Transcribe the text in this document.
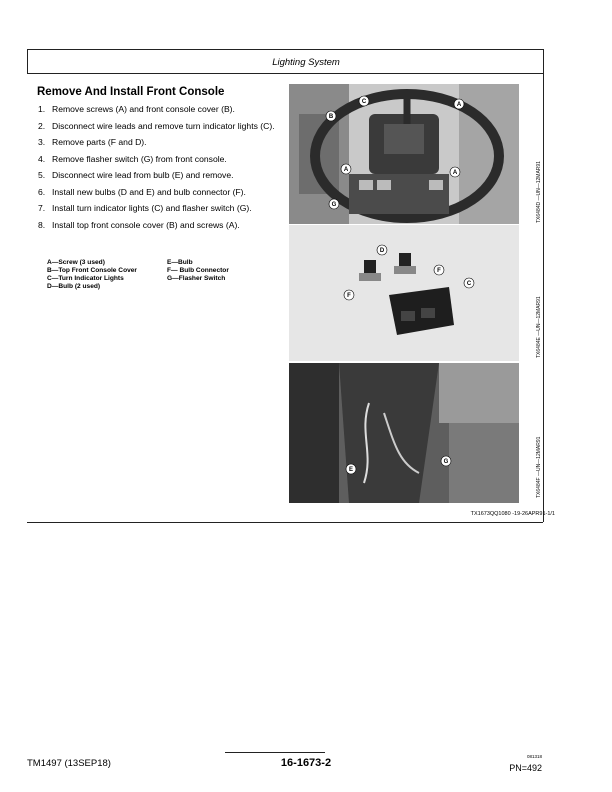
Lighting System
Remove And Install Front Console
1. Remove screws (A) and front console cover (B).
2. Disconnect wire leads and remove turn indicator lights (C).
3. Remove parts (F and D).
4. Remove flasher switch (G) from front console.
5. Disconnect wire lead from bulb (E) and remove.
6. Install new bulbs (D and E) and bulb connector (F).
7. Install turn indicator lights (C) and flasher switch (G).
8. Install top front console cover (B) and screws (A).
A—Screw (3 used)
B—Top Front Console Cover
C—Turn Indicator Lights
D—Bulb (2 used)
E—Bulb
F— Bulb Connector
G—Flasher Switch
A
B
C
A	A
G
D
F
F
C
E
G
TX6484D —UN—12MAR91
TX6484E —UN—12MAR91
TX6484F —UN—12MAR91
TX1673QQ1080 -19-26APR91-1/1
TM1497 (13SEP18)	16-1673-2
081318
PN=492
